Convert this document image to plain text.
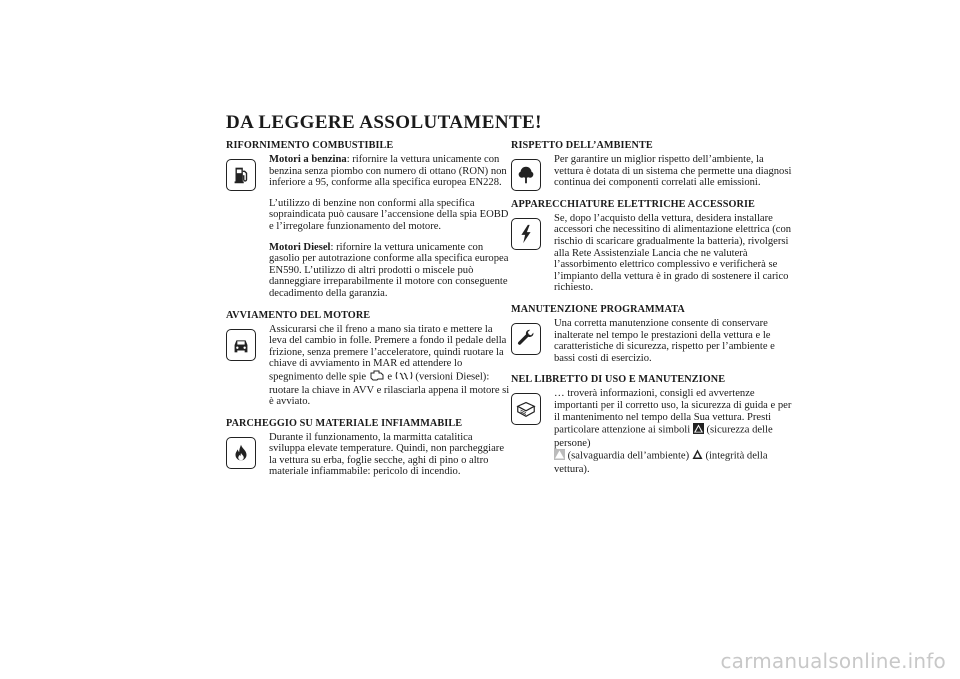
DA LEGGERE ASSOLUTAMENTE!
RIFORNIMENTO COMBUSTIBILE

Motori a benzina: rifornire la vettura unicamente con benzina senza piombo con numero di ottano (RON) non inferiore a 95, conforme alla specifica europea EN228.

L’utilizzo di benzine non conformi alla specifica sopraindicata può causare l’accensione della spia EOBD e l’irregolare funzionamento del motore.

Motori Diesel: rifornire la vettura unicamente con gasolio per autotrazione conforme alla specifica europea EN590. L’utilizzo di altri prodotti o miscele può danneggiare irreparabilmente il motore con conseguente decadimento della garanzia.

AVVIAMENTO DEL MOTORE

Assicurarsi che il freno a mano sia tirato e mettere la leva del cambio in folle. Premere a fondo il pedale della frizione, senza premere l’acceleratore, quindi ruotare la chiave di avviamento in MAR ed attendere lo spegnimento delle spie e (versioni Diesel): ruotare la chiave in AVV e rilasciarla appena il motore si è avviato.

PARCHEGGIO SU MATERIALE INFIAMMABILE

Durante il funzionamento, la marmitta catalitica sviluppa elevate temperature. Quindi, non parcheggiare la vettura su erba, foglie secche, aghi di pino o altro materiale infiammabile: pericolo di incendio.

RISPETTO DELL’AMBIENTE

Per garantire un miglior rispetto dell’ambiente, la vettura è dotata di un sistema che permette una diagnosi continua dei componenti correlati alle emissioni.

APPARECCHIATURE ELETTRICHE ACCESSORIE

Se, dopo l’acquisto della vettura, desidera installare accessori che necessitino di alimentazione elettrica (con rischio di scaricare gradualmente la batteria), rivolgersi alla Rete Assistenziale Lancia che ne valuterà l’assorbimento elettrico complessivo e verificherà se l’impianto della vettura è in grado di sostenere il carico richiesto.

MANUTENZIONE PROGRAMMATA

Una corretta manutenzione consente di conservare inalterate nel tempo le prestazioni della vettura e le caratteristiche di sicurezza, rispetto per l’ambiente e bassi costi di esercizio.

NEL LIBRETTO DI USO E MANUTENZIONE

… troverà informazioni, consigli ed avvertenze importanti per il corretto uso, la sicurezza di guida e per il mantenimento nel tempo della Sua vettura. Presti particolare attenzione ai simboli (sicurezza delle persone)
(salvaguardia dell’ambiente) (integrità della vettura).

carmanualsonline.info
